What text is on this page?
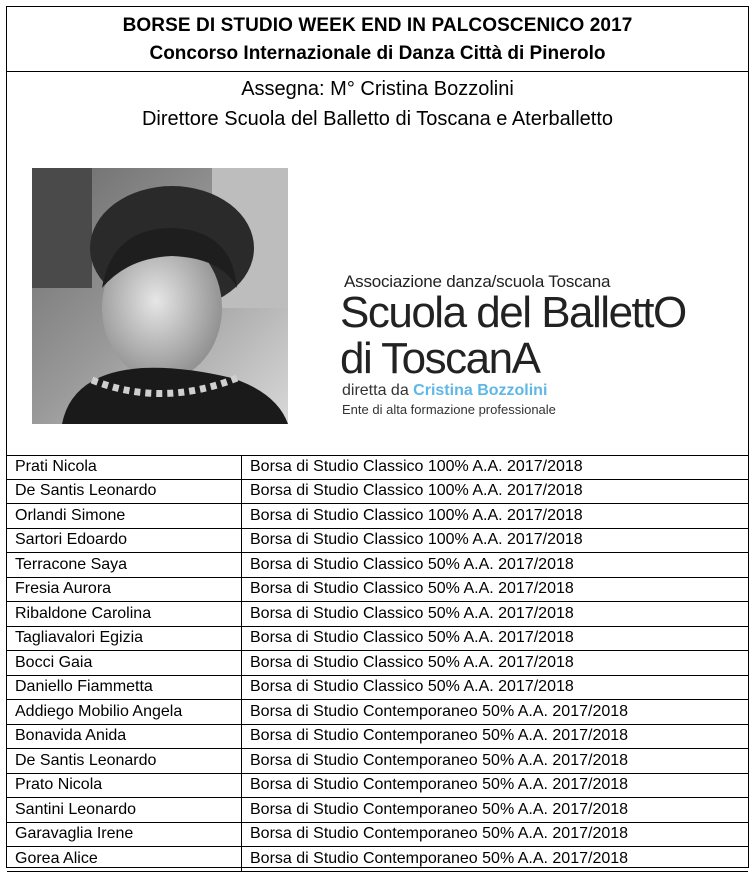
BORSE DI STUDIO WEEK END IN PALCOSCENICO 2017
Concorso Internazionale di Danza Città di Pinerolo
Assegna: M° Cristina Bozzolini
Direttore Scuola del Balletto di Toscana e Aterballetto
Associazione danza/scuola Toscana
Scuola del BallettO
di ToscanA
diretta da Cristina Bozzolini
Ente di alta formazione professionale
Prati Nicola	Borsa di Studio Classico 100% A.A. 2017/2018
De Santis Leonardo	Borsa di Studio Classico 100% A.A. 2017/2018
Orlandi Simone	Borsa di Studio Classico 100% A.A. 2017/2018
Sartori Edoardo	Borsa di Studio Classico 100% A.A. 2017/2018
Terracone Saya	Borsa di Studio Classico 50% A.A. 2017/2018
Fresia Aurora	Borsa di Studio Classico 50% A.A. 2017/2018
Ribaldone Carolina	Borsa di Studio Classico 50% A.A. 2017/2018
Tagliavalori Egizia	Borsa di Studio Classico 50% A.A. 2017/2018
Bocci Gaia	Borsa di Studio Classico 50% A.A. 2017/2018
Daniello Fiammetta	Borsa di Studio Classico 50% A.A. 2017/2018
Addiego Mobilio Angela	Borsa di Studio Contemporaneo 50% A.A. 2017/2018
Bonavida Anida	Borsa di Studio Contemporaneo 50% A.A. 2017/2018
De Santis Leonardo	Borsa di Studio Contemporaneo 50% A.A. 2017/2018
Prato Nicola	Borsa di Studio Contemporaneo 50% A.A. 2017/2018
Santini Leonardo	Borsa di Studio Contemporaneo 50% A.A. 2017/2018
Garavaglia Irene	Borsa di Studio Contemporaneo 50% A.A. 2017/2018
Gorea Alice	Borsa di Studio Contemporaneo 50% A.A. 2017/2018
